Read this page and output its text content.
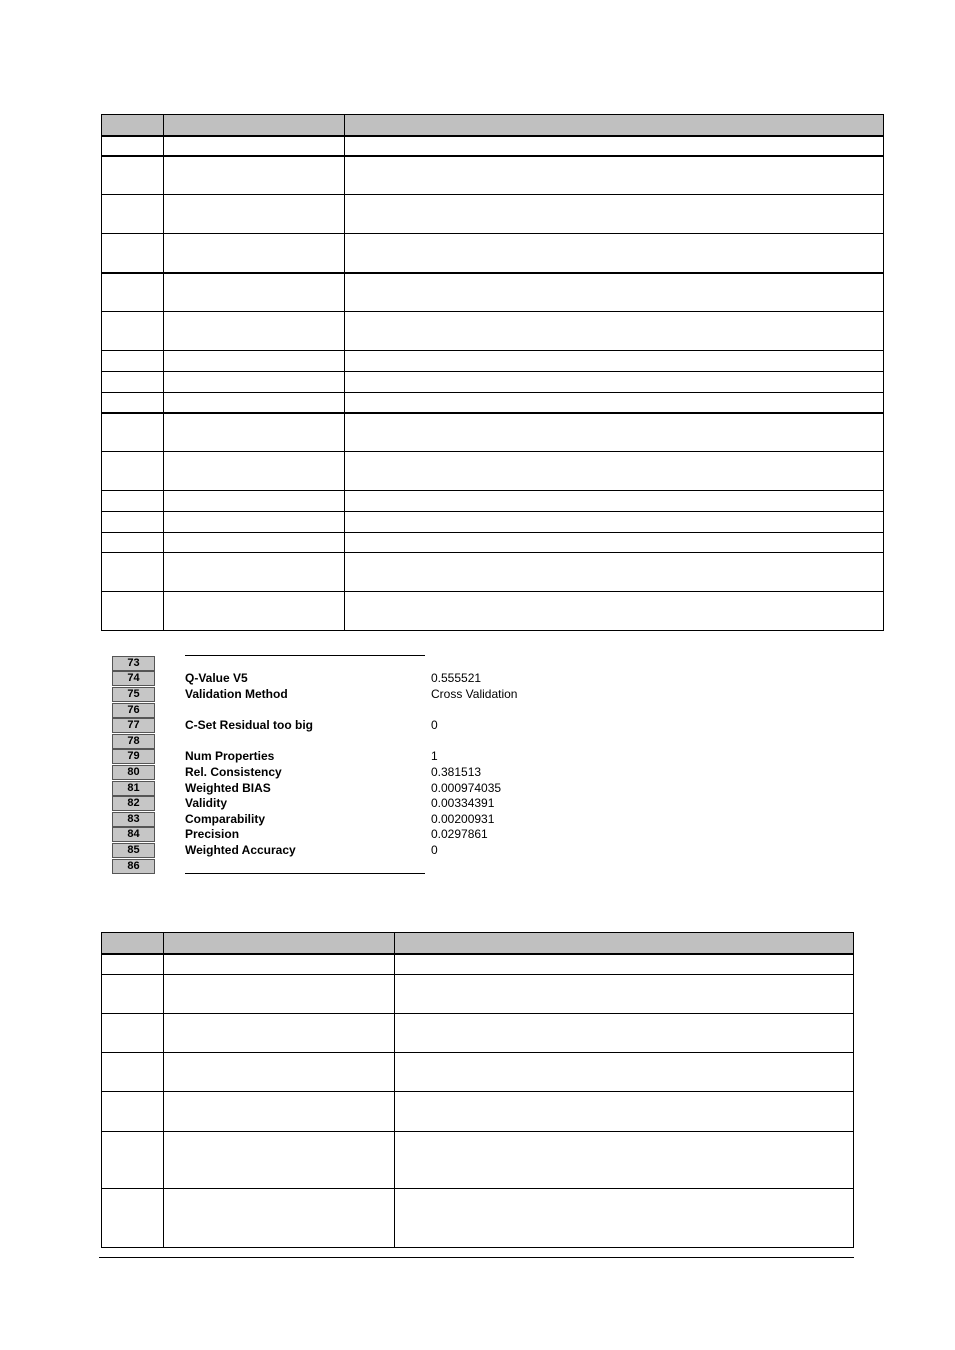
73
74	Q-Value V5	0.555521
75	Validation Method	Cross Validation
76
77	C-Set Residual too big	0
78
79	Num Properties	1
80	Rel. Consistency	0.381513
81	Weighted BIAS	0.000974035
82	Validity	0.00334391
83	Comparability	0.00200931
84	Precision	0.0297861
85	Weighted Accuracy	0
86
